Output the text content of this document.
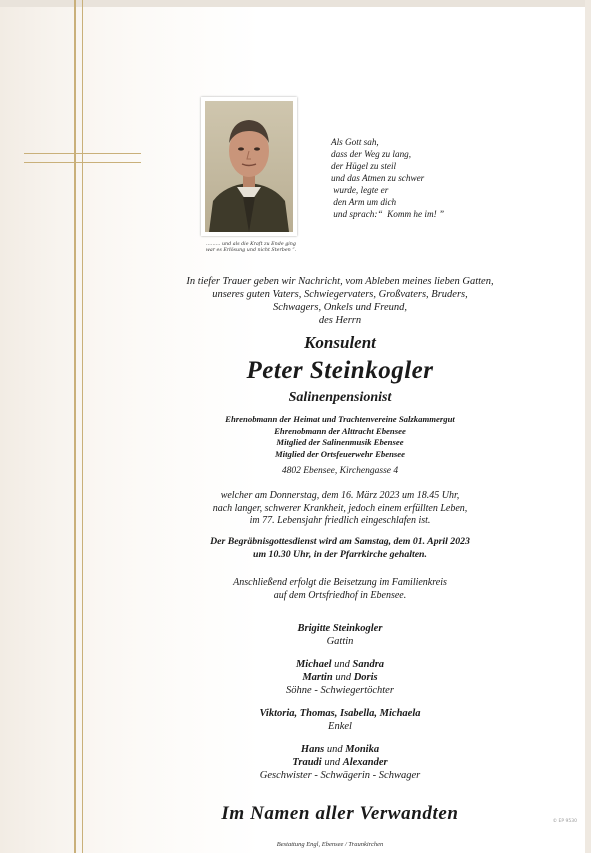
……… und als die Kraft zu Ende ging
war es Erlösung und nicht Sterben “.
Als Gott sah,
dass der Weg zu lang,
der Hügel zu steil
und das Atmen zu schwer
wurde, legte er
den Arm um dich
und sprach:“  Komm he im! ”
In tiefer Trauer geben wir Nachricht, vom Ableben meines lieben Gatten,
unseres guten Vaters, Schwiegervaters, Großvaters, Bruders,
Schwagers, Onkels und Freund,
des Herrn
Konsulent
Peter Steinkogler
Salinenpensionist
Ehrenobmann der Heimat und Trachtenvereine Salzkammergut
Ehrenobmann der Alttracht Ebensee
Mitglied der Salinenmusik Ebensee
Mitglied der Ortsfeuerwehr Ebensee
4802 Ebensee, Kirchengasse 4
welcher am Donnerstag, dem 16. März 2023 um 18.45 Uhr,
nach langer, schwerer Krankheit, jedoch einem erfüllten Leben,
im 77. Lebensjahr friedlich eingeschlafen ist.
Der Begräbnisgottesdienst wird am Samstag, dem 01. April 2023
um 10.30 Uhr, in der Pfarrkirche gehalten.
Anschließend erfolgt die Beisetzung im Familienkreis
auf dem Ortsfriedhof in Ebensee.
Brigitte Steinkogler
Gattin
Michael und Sandra
Martin und Doris
Söhne - Schwiegertöchter
Viktoria, Thomas, Isabella, Michaela
Enkel
Hans und Monika
Traudi und Alexander
Geschwister - Schwägerin - Schwager
Im Namen aller Verwandten	© EP 9530
Bestattung Engl, Ebensee / Traunkirchen
